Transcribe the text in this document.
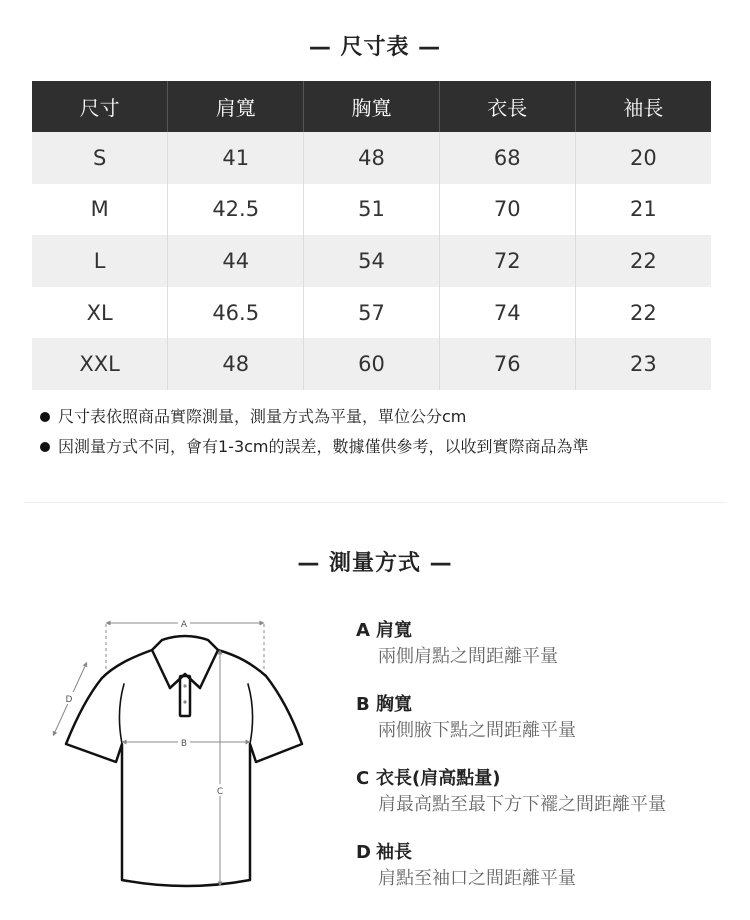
— 尺寸表 —
尺寸	肩寬	胸寬	衣長	袖長
S	41	48	68	20
M	42.5	51	70	21
L	44	54	72	22
XL	46.5	57	74	22
XXL	48	60	76	23
尺寸表依照商品實際測量，測量方式為平量，單位公分cm
因測量方式不同，會有1-3cm的誤差，數據僅供參考，以收到實際商品為準
— 測量方式 —
A
B
C
D
A 肩寬
兩側肩點之間距離平量
B 胸寬
兩側腋下點之間距離平量
C 衣長(肩高點量)
肩最高點至最下方下襬之間距離平量
D 袖長
肩點至袖口之間距離平量
